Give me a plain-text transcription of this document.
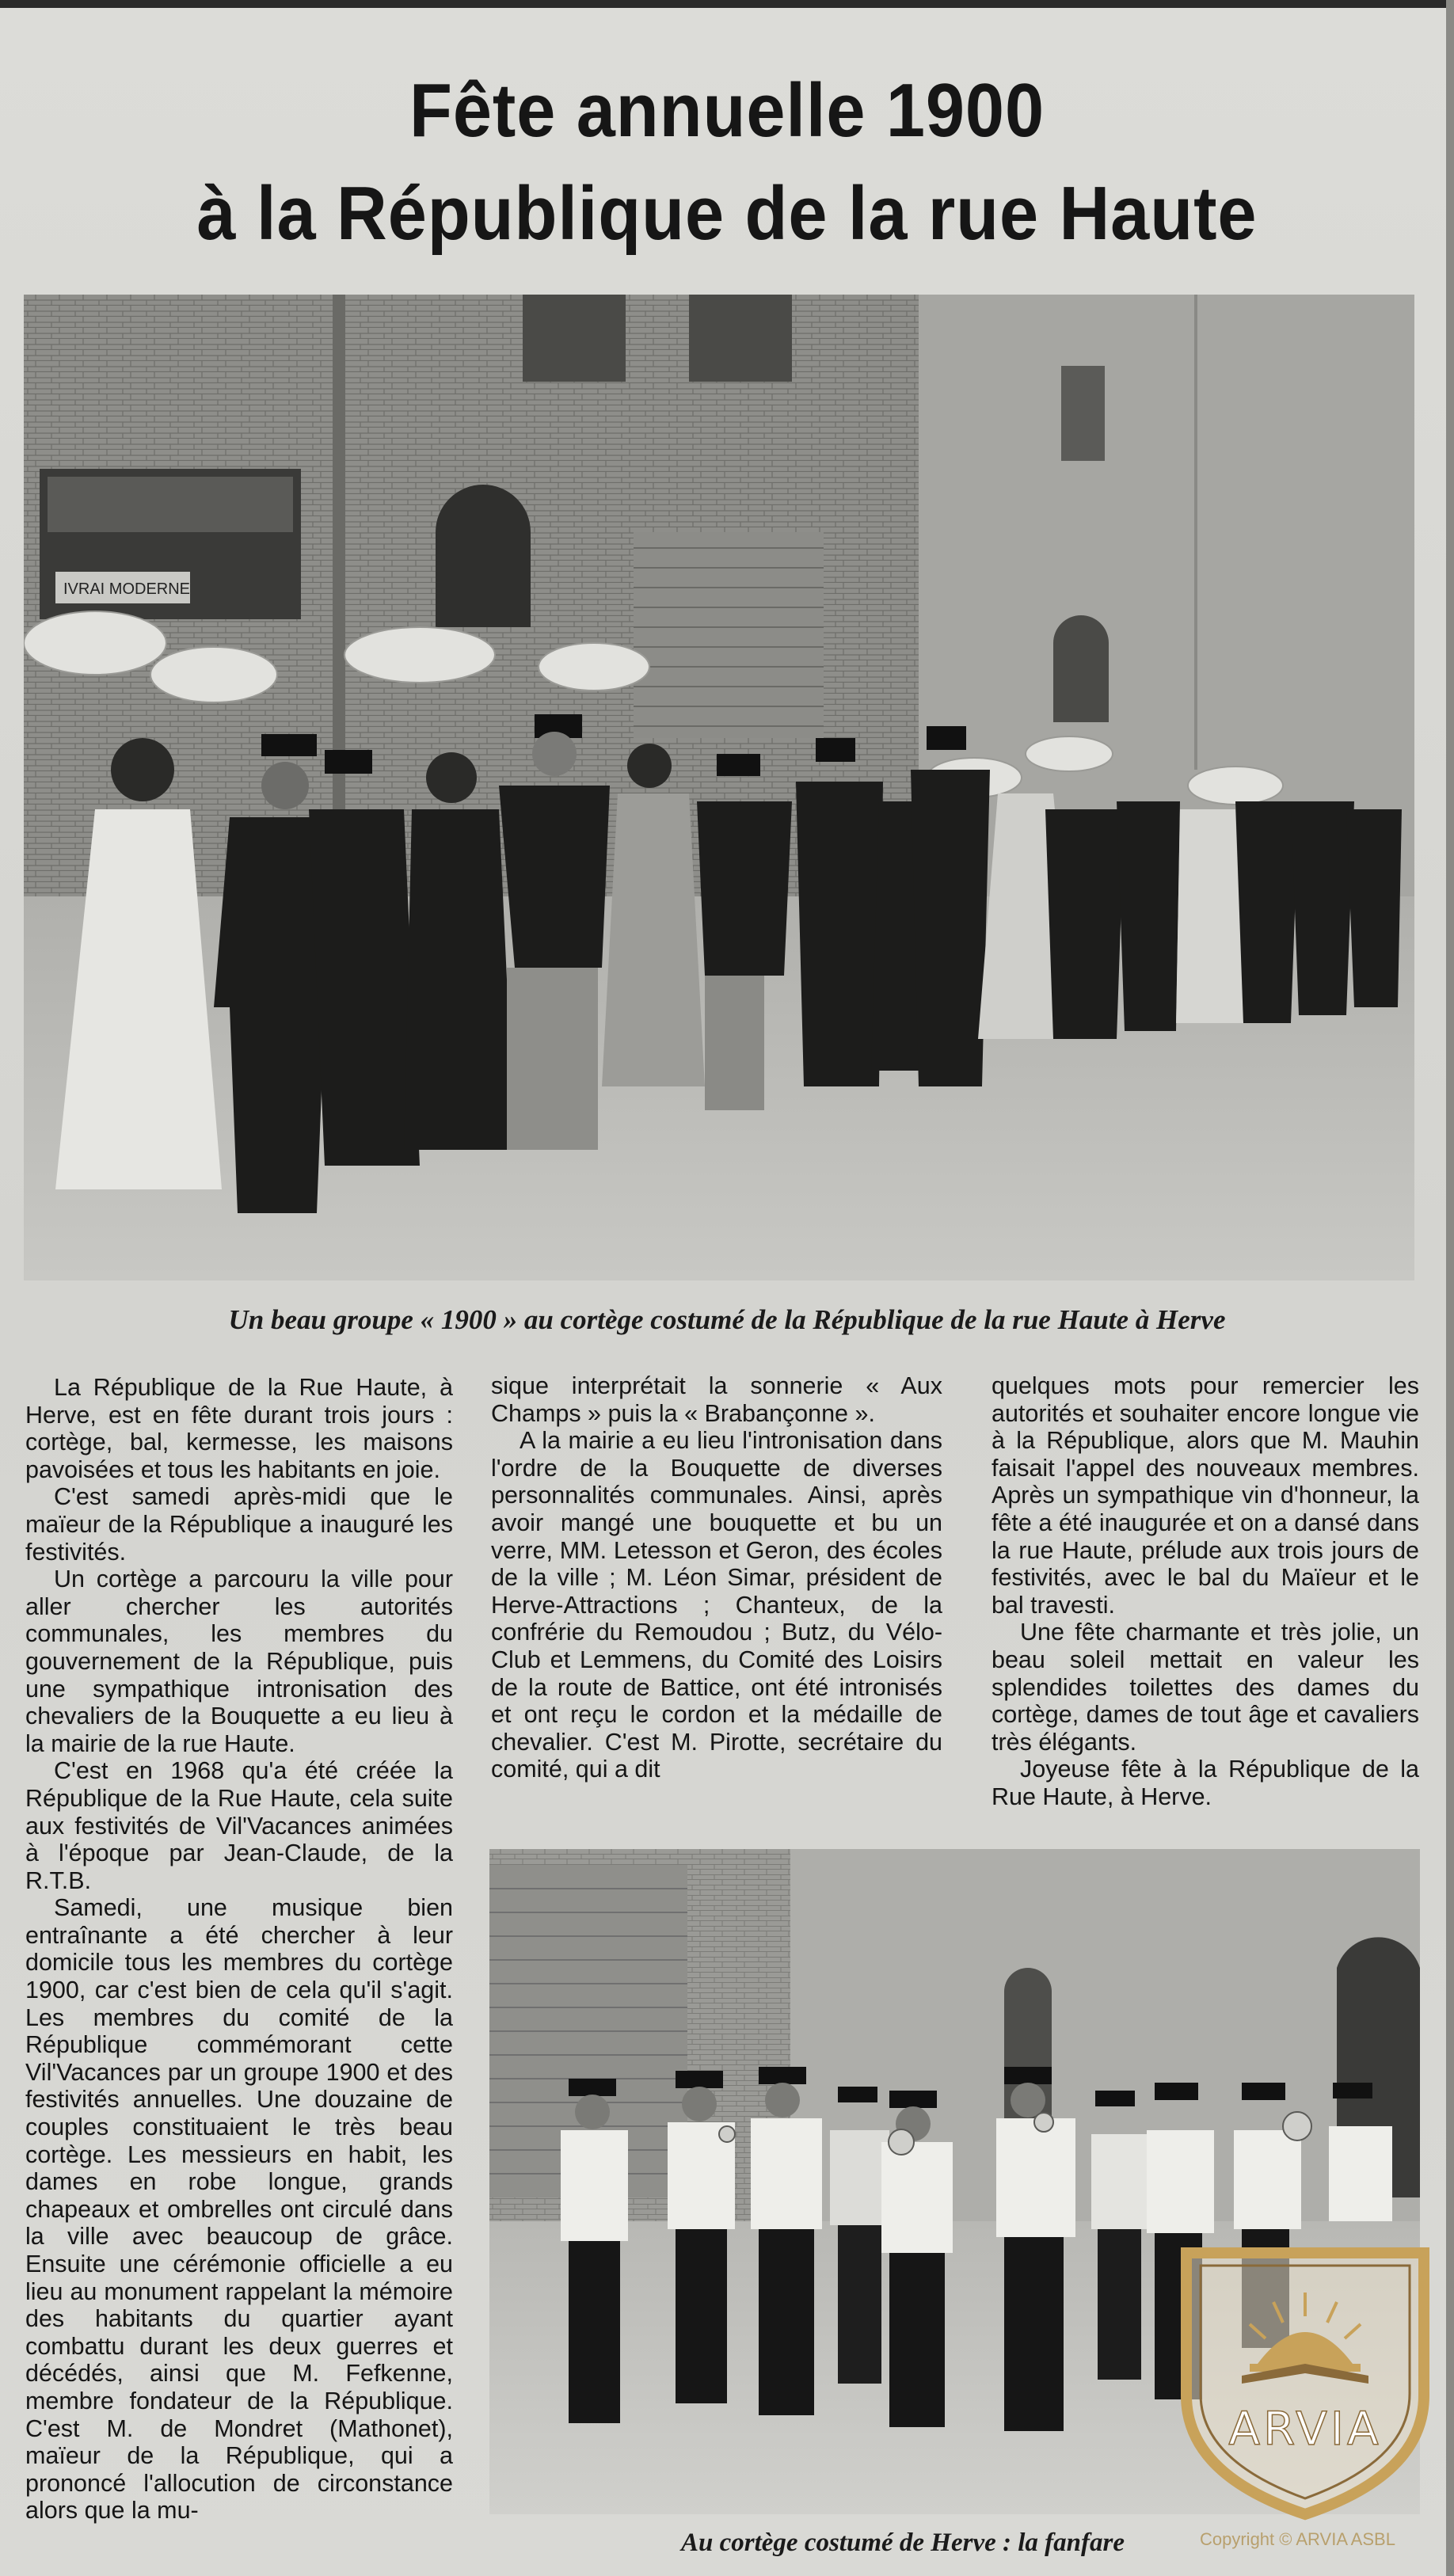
Fête annuelle 1900
à la République de la rue Haute
IVRAI MODERNE
Un beau groupe « 1900 » au cortège costumé de la République de la rue Haute à Herve

La République de la Rue Haute, à Herve, est en fête durant trois jours : cortège, bal, kermesse, les maisons pavoisées et tous les habitants en joie.

C'est samedi après-midi que le maïeur de la République a inauguré les festivités.

Un cortège a parcouru la ville pour aller chercher les autorités communales, les membres du gouvernement de la République, puis une sympathique intronisation des chevaliers de la Bouquette a eu lieu à la mairie de la rue Haute.

C'est en 1968 qu'a été créée la République de la Rue Haute, cela suite aux festivités de Vil'Vacances animées à l'époque par Jean-Claude, de la R.T.B.

Samedi, une musique bien entraînante a été chercher à leur domicile tous les membres du cortège 1900, car c'est bien de cela qu'il s'agit. Les membres du comité de la République commémorant cette Vil'Vacances par un groupe 1900 et des festivités annuelles. Une douzaine de couples constituaient le très beau cortège. Les messieurs en habit, les dames en robe longue, grands chapeaux et ombrelles ont circulé dans la ville avec beaucoup de grâce. Ensuite une cérémonie officielle a eu lieu au monument rappelant la mémoire des habitants du quartier ayant combattu durant les deux guerres et décédés, ainsi que M. Fefkenne, membre fondateur de la République. C'est M. de Mondret (Mathonet), maïeur de la République, qui a prononcé l'allocution de circonstance alors que la mu-

sique interprétait la sonnerie « Aux Champs » puis la « Brabançonne ».

A la mairie a eu lieu l'intronisation dans l'ordre de la Bouquette de diverses personnalités communales. Ainsi, après avoir mangé une bouquette et bu un verre, MM. Letesson et Geron, des écoles de la ville ; M. Léon Simar, président de Herve-Attractions ; Chanteux, de la confrérie du Remoudou ; Butz, du Vélo-Club et Lemmens, du Comité des Loisirs de la route de Battice, ont été intronisés et ont reçu le cordon et la médaille de chevalier. C'est M. Pirotte, secrétaire du comité, qui a dit

quelques mots pour remercier les autorités et souhaiter encore longue vie à la République, alors que M. Mauhin faisait l'appel des nouveaux membres. Après un sympathique vin d'honneur, la fête a été inaugurée et on a dansé dans la rue Haute, prélude aux trois jours de festivités, avec le bal du Maïeur et le bal travesti.

Une fête charmante et très jolie, un beau soleil mettait en valeur les splendides toilettes des dames du cortège, dames de tout âge et cavaliers très élégants.

Joyeuse fête à la République de la Rue Haute, à Herve.

Au cortège costumé de Herve : la fanfare
ARVIA
Copyright © ARVIA ASBL
